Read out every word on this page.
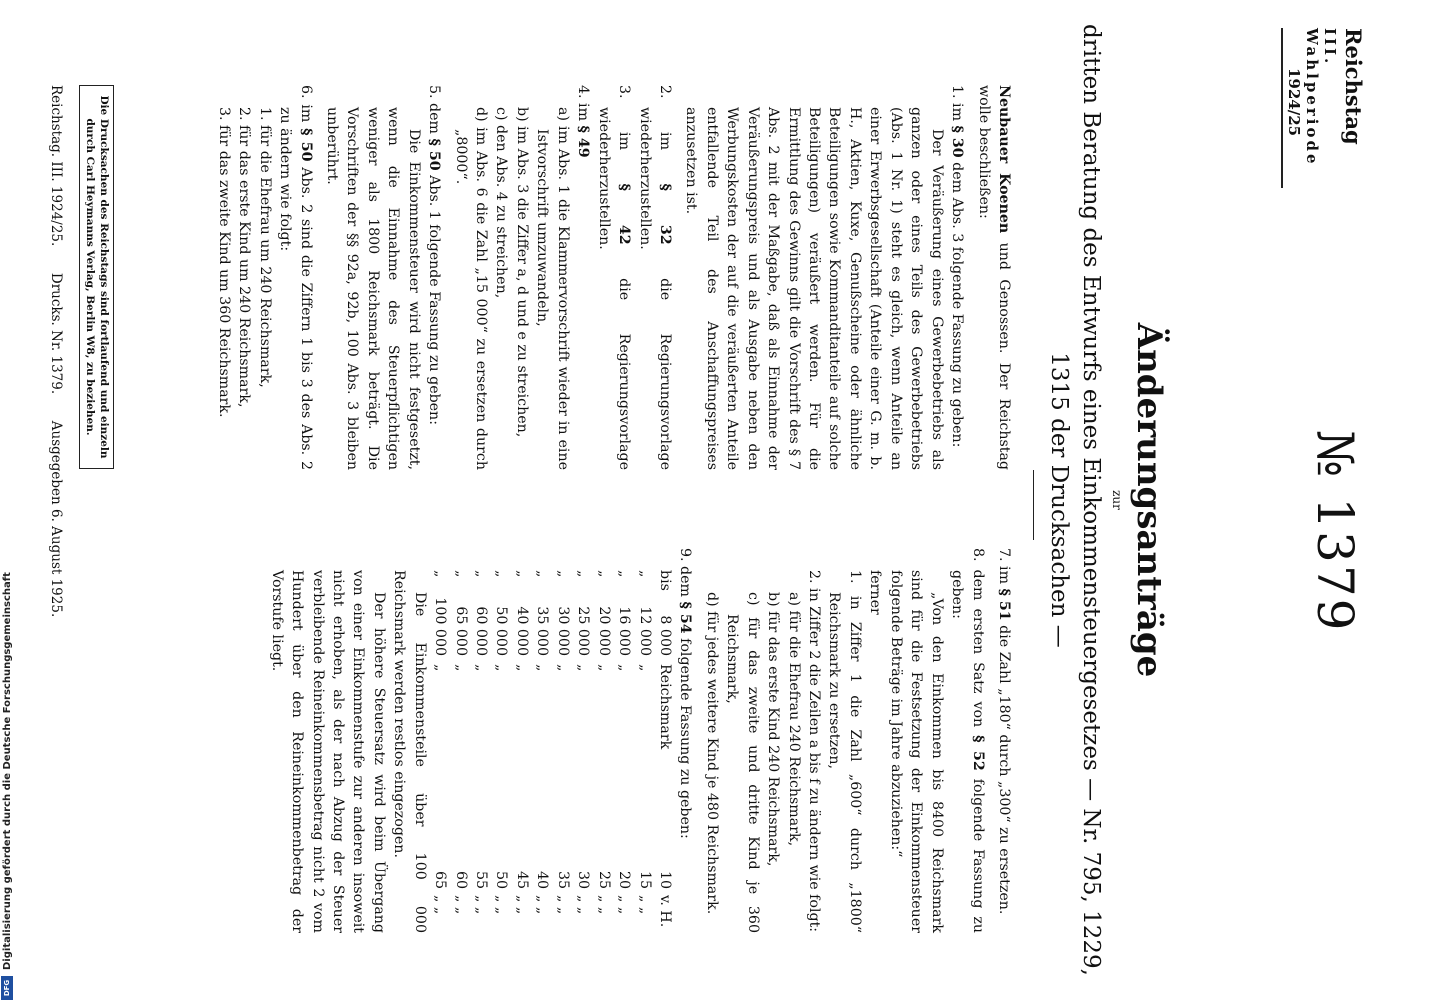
Reichstag
III. Wahlperiode
1924/25
№ 1379
Änderungsanträge
zur
dritten Beratung des Entwurfs eines Einkommensteuergesetzes — Nr. 795, 1229,
1315 der Drucksachen —

Neubauer Koenen und Genossen. Der Reichstag wolle beschließen:

1. im § 30 dem Abs. 3 folgende Fassung zu geben:

Der Veräußerung eines Gewerbebetriebs als ganzen oder eines Teils des Gewerbebetriebs (Abs. 1 Nr. 1) steht es gleich, wenn Anteile an einer Erwerbsgesellschaft (Anteile einer G. m. b. H., Aktien, Kuxe, Genußscheine oder ähnliche Beteiligungen sowie Kommanditanteile auf solche Beteiligungen) veräußert werden. Für die Ermittlung des Gewinns gilt die Vorschrift des § 7 Abs. 2 mit der Maßgabe, daß als Einnahme der Veräußerungspreis und als Ausgabe neben den Werbungskosten der auf die veräußerten Anteile entfallende Teil des Anschaffungspreises anzusetzen ist.

2. im § 32 die Regierungsvorlage wiederherzustellen.

3. im § 42 die Regierungsvorlage wiederherzustellen.

4. im § 49

a) im Abs. 1 die Klammervorschrift wieder in eine Istvorschrift umzuwandeln,

b) im Abs. 3 die Ziffer a, d und e zu streichen,

c) den Abs. 4 zu streichen,

d) im Abs. 6 die Zahl „15 000“ zu ersetzen durch „8000“.

5. dem § 50 Abs. 1 folgende Fassung zu geben:

Die Einkommensteuer wird nicht festgesetzt, wenn die Einnahme des Steuerpflichtigen weniger als 1800 Reichsmark beträgt. Die Vorschriften der §§ 92a, 92b, 100 Abs. 3 bleiben unberührt.

6. im § 50 Abs. 2 sind die Ziffern 1 bis 3 des Abs. 2 zu ändern wie folgt:

1. für die Ehefrau um 240 Reichsmark,

2. für das erste Kind um 240 Reichsmark,

3. für das zweite Kind um 360 Reichsmark.

7. im § 51 die Zahl „180“ durch „300“ zu ersetzen.

8. dem ersten Satz von § 52 folgende Fassung zu geben:

„Von den Einkommen bis 8400 Reichsmark sind für die Festsetzung der Einkommensteuer folgende Beträge im Jahre abzuziehen:“

ferner

1. in Ziffer 1 die Zahl „600“ durch „1800“ Reichsmark zu ersetzen,

2. in Ziffer 2 die Zeilen a bis f zu ändern wie folgt:

a) für die Ehefrau 240 Reichsmark,

b) für das erste Kind 240 Reichsmark,

c) für das zweite und dritte Kind je 360 Reichsmark,

d) für jedes weitere Kind je 480 Reichsmark.

9. dem § 54 folgende Fassung zu geben:

bis
8 000
Reichsmark
10
v. H.
„
12 000
„
15
„ „
„
16 000
„
20
„ „
„
20 000
„
25
„ „
„
25 000
„
30
„ „
„
30 000
„
35
„ „
„
35 000
„
40
„ „
„
40 000
„
45
„ „
„
50 000
„
50
„ „
„
60 000
„
55
„ „
„
65 000
„
60
„ „
„
100 000
„
65
„ „

Die Einkommensteile über 100 000 Reichsmark werden restlos eingezogen.

Der höhere Steuersatz wird beim Übergang von einer Einkommenstufe zur anderen insoweit nicht erhoben, als der nach Abzug der Steuer verbleibende Reineinkommensbetrag nicht 2 vom Hundert über den Reineinkommenbetrag der Vorstufe liegt.

Die Drucksachen des Reichstags sind fortlaufend und einzeln durch Carl Heymanns Verlag, Berlin W8, zu beziehen.
Reichstag. III. 1924/25.  Drucks. Nr. 1379.  Ausgegeben 6. August 1925.
DFG
Digitalisierung gefördert durch die Deutsche Forschungsgemeinschaft
